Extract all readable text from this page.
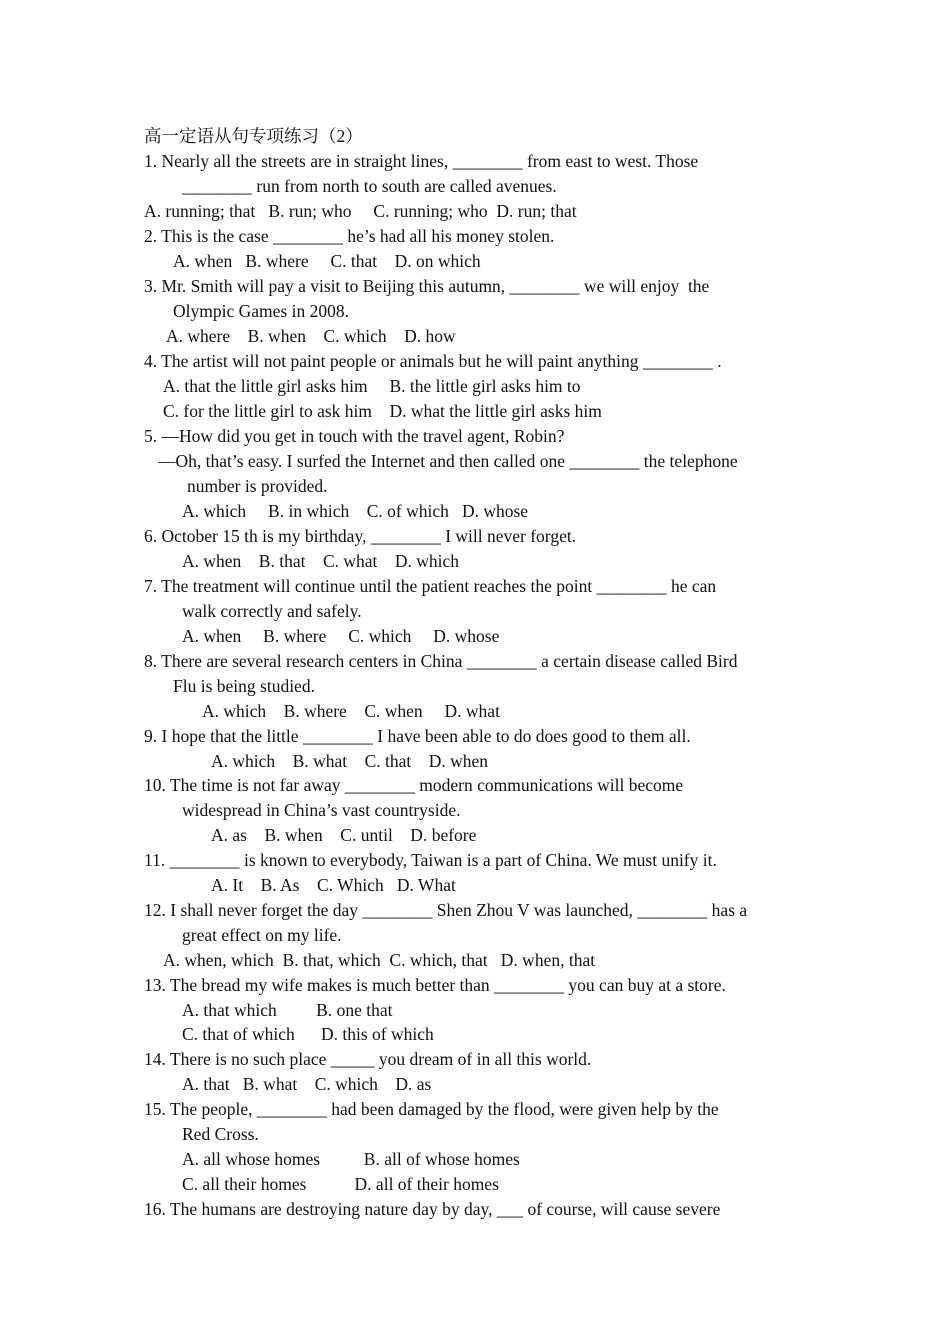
高一定语从句专项练习（2）
1. Nearly all the streets are in straight lines, ________ from east to west. Those
________ run from north to south are called avenues.
A. running; that   B. run; who     C. running; who  D. run; that
2. This is the case ________ he’s had all his money stolen.
A. when   B. where     C. that    D. on which
3. Mr. Smith will pay a visit to Beijing this autumn, ________ we will enjoy  the
Olympic Games in 2008.
A. where    B. when    C. which    D. how
4. The artist will not paint people or animals but he will paint anything ________ .
A. that the little girl asks him     B. the little girl asks him to
C. for the little girl to ask him    D. what the little girl asks him
5. —How did you get in touch with the travel agent, Robin?
—Oh, that’s easy. I surfed the Internet and then called one ________ the telephone
number is provided.
A. which     B. in which    C. of which   D. whose
6. October 15 th is my birthday, ________ I will never forget.
A. when    B. that    C. what    D. which
7. The treatment will continue until the patient reaches the point ________ he can
walk correctly and safely.
A. when     B. where     C. which     D. whose
8. There are several research centers in China ________ a certain disease called Bird
Flu is being studied.
A. which    B. where    C. when     D. what
9. I hope that the little ________ I have been able to do does good to them all.
A. which    B. what    C. that    D. when
10. The time is not far away ________ modern communications will become
widespread in China’s vast countryside.
A. as    B. when    C. until    D. before
11. ________ is known to everybody, Taiwan is a part of China. We must unify it.
A. It    B. As    C. Which   D. What
12. I shall never forget the day ________ Shen Zhou V was launched, ________ has a
great effect on my life.
A. when, which  B. that, which  C. which, that   D. when, that
13. The bread my wife makes is much better than ________ you can buy at a store.
A. that which         B. one that
C. that of which      D. this of which
14. There is no such place _____ you dream of in all this world.
A. that   B. what    C. which    D. as
15. The people, ________ had been damaged by the flood, were given help by the
Red Cross.
A. all whose homes          B. all of whose homes
C. all their homes           D. all of their homes
16. The humans are destroying nature day by day, ___ of course, will cause severe
